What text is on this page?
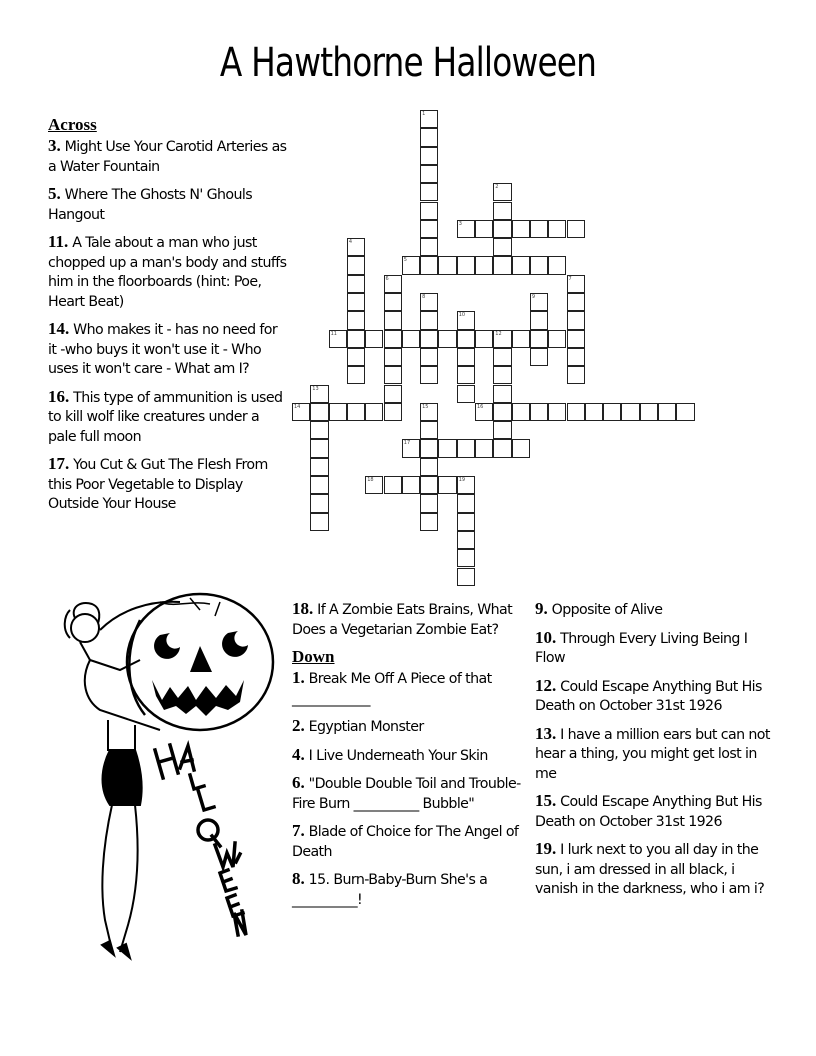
A Hawthorne Halloween
Across
3. Might Use Your Carotid Arteries as a Water Fountain
5. Where The Ghosts N' Ghouls Hangout
11. A Tale about a man who just chopped up a man's body and stuffs him in the floorboards (hint: Poe, Heart Beat)
14. Who makes it - has no need for it -who buys it won't use it - Who uses it won't care - What am I?
16. This type of ammunition is used to kill wolf like creatures under a pale full moon
17. You Cut & Gut The Flesh From this Poor Vegetable to Display Outside Your House
18. If A Zombie Eats Brains, What Does a Vegetarian Zombie Eat?
Down
1. Break Me Off A Piece of that ____________
2. Egyptian Monster
4. I Live Underneath Your Skin
6. "Double Double Toil and Trouble-Fire Burn __________ Bubble"
7. Blade of Choice for The Angel of Death
8. 15. Burn-Baby-Burn She's a __________!
9. Opposite of Alive
10. Through Every Living Being I Flow
12. Could Escape Anything But His Death on October 31st 1926
13. I have a million ears but can not hear a thing, you might get lost in me
15. Could Escape Anything But His Death on October 31st 1926
19. I lurk next to you all day in the sun, i am dressed in all black, i vanish in the darkness, who i am i?
1
2
3
4
5
6	7
8	9
10
11	12
13
14	15	16
17
18	19
